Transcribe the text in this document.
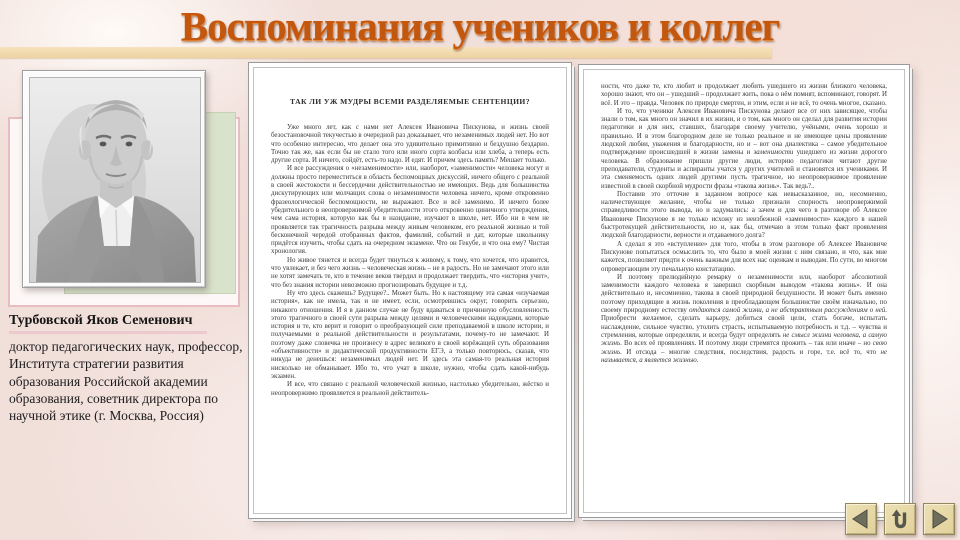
Воспоминания учеников и коллег
Турбовской Яков Семенович
доктор педагогических наук, профессор, Института стратегии развития образования Российской академии образования, советник директора по научной этике (г. Москва, Россия)
ТАК ЛИ УЖ МУДРЫ ВСЕМИ РАЗДЕЛЯЕМЫЕ СЕНТЕНЦИИ?

Уже много лет, как с нами нет Алексея Ивановича Пискунова, и жизнь своей безостановочной текучестью в очередной раз доказывает, что незаменимых людей нет. Но вот что особенно интересно, что делает она это удивительно примитивно и бездушно бездарно. Точно так же, как если бы не стало того или иного сорта колбасы или хлеба, а теперь есть другие сорта. И ничего, сойдёт, есть-то надо. И едят. И причем здесь память? Мешает только.

И все рассуждения о «незаменимости» или, наоборот, «заменимости» человека могут и должны просто переместиться в область беспомощных дискуссий, ничего общего с реальной в своей жестокости и бессердечии действительностью не имеющих. Ведь для большинства дискутирующих или молчащих слова о незаменимости человека ничего, кроме откровенно фразеологической беспомощности, не выражают. Все и всё заменимо. И ничего более убедительного в неопровержимой убедительности этого откровенно циничного утверждения, чем сама история, которую как бы в назидание, изучают в школе, нет. Ибо ни в чем не проявляется так трагичность разрыва между живым человеком, его реальной жизнью и той бесконечной чередой отобранных фактов, фамилий, событий и дат, которые школьнику придётся изучить, чтобы сдать на очередном экзамене. Что он Гекубе, и что она ему? Чистая хронология.

Но живое тянется и всегда будет тянуться к живому, к тому, что хочется, что нравится, что увлекает, и без чего жизнь – человеческая жизнь – не в радость. Но не замечают этого или не хотят замечать те, кто в течение веков твердил и продолжает твердить, что «история учит», что без знания истории невозможно прогнозировать будущее и т.д.

Ну что здесь скажешь? Будущее?.. Может быть. Но к настоящему эта самая «изучаемая история», как не имела, так и не имеет, если, осмотревшись округ, говорить серьезно, никакого отношения. И я в данном случае не буду вдаваться в причинную обусловленность этого трагичного в своей сути разрыва между целями и человеческими надеждами, которые история и те, кто верит и говорит о преобразующей силе преподаваемой в школе истории, и получаемыми в реальной действительности и результатами, почему-то не замечают. И поэтому даже словечка не произнесу в адрес великого в своей корёжащей суть образования «объективности» и дидактической продуктивности ЕГЭ, а только повторюсь, сказав, что никуда не денешься: незаменимых людей нет. И здесь эта самая-то реальная история нисколько не обманывает. Ибо то, что учат в школе, нужно, чтобы сдать какой-нибудь экзамен.

И все, что связано с реальной человеческой жизнью, настолько убедительно, жёстко и неопровержимо проявляется в реальной действитель-

ности, что даже те, кто любит и продолжает любить ушедшего из жизни близкого человека, хорошо знают, что он – ушедший – продолжает жить, пока о нём помнят, вспоминают, говорят. И всё. И это – правда. Человек по природе смертен, и этим, если и не всё, то очень многое, сказано.

И то, что ученики Алексея Ивановича Пискунова делают все от них зависящее, чтобы знали о том, как много он значил в их жизни, и о том, как много он сделал для развития истории педагогики и для них, ставших, благодаря своему учителю, учёными, очень хорошо и правильно. И в этом благородном деле не только реальное и не имеющее цены проявление людской любви, уважения и благодарности, но и – вот она диалектика – самое убедительное подтверждение происшедшей в жизни замены и заменимости ушедшего из жизни дорогого человека. В образование пришли другие люди, историю педагогики читают другие преподаватели, студенты и аспиранты учатся у других учителей и становятся их учениками. И эта сменяемость одних людей другими пусть трагичное, но неопровержимое проявление известной в своей скорбной мудрости фразы «такова жизнь». Так ведь?..

Поставив это отточие в заданном вопросе как невысказанное, но, несомненно, наличествующее желание, чтобы не только признали спорность неопровержимой справедливости этого вывода, но и задумались: а зачем и для чего в разговоре об Алексее Ивановиче Пискунове я не только исхожу из неизбежной «заменимости» каждого в нашей быстротекущей действительности, но и, как бы, отмечаю в этом только факт проявления людской благодарности, верности и отдаваемого долга?

А сделал я это «вступление» для того, чтобы в этом разговоре об Алексее Ивановиче Пискунове попытаться осмыслить то, что было в моей жизни с ним связано, и что, как мне кажется, позволяет придти к очень важным для всех нас оценкам и выводам. По сути, во многом опровергающим эту печальную констатацию.

И поэтому прелюдийную ремарку о незаменимости или, наоборот абсолютной заменимости каждого человека я завершил скорбным выводом «такова жизнь». И она действительно и, несомненно, такова в своей природной бездушности. И может быть именно поэтому приходящие в жизнь поколения в преобладающем большинстве своём изначально, по своему природному естеству отдаются самой жизни, а не абстрактным рассуждениям о ней. Приобрести желаемое, сделать карьеру, добиться своей цели, стать богаче, испытать наслаждение, сильное чувство, утолить страсть, испытываемую потребность и т.д. – чувства и стремления, которые определяли, и всегда будут определять не смысл жизни человека, а самую жизнь. Во всех её проявлениях. И поэтому люди стремятся прожить – так или иначе – но свою жизнь. И отсюда – многие следствия, последствия, радость и горе, т.е. всё то, что не называется, а является жизнью.
